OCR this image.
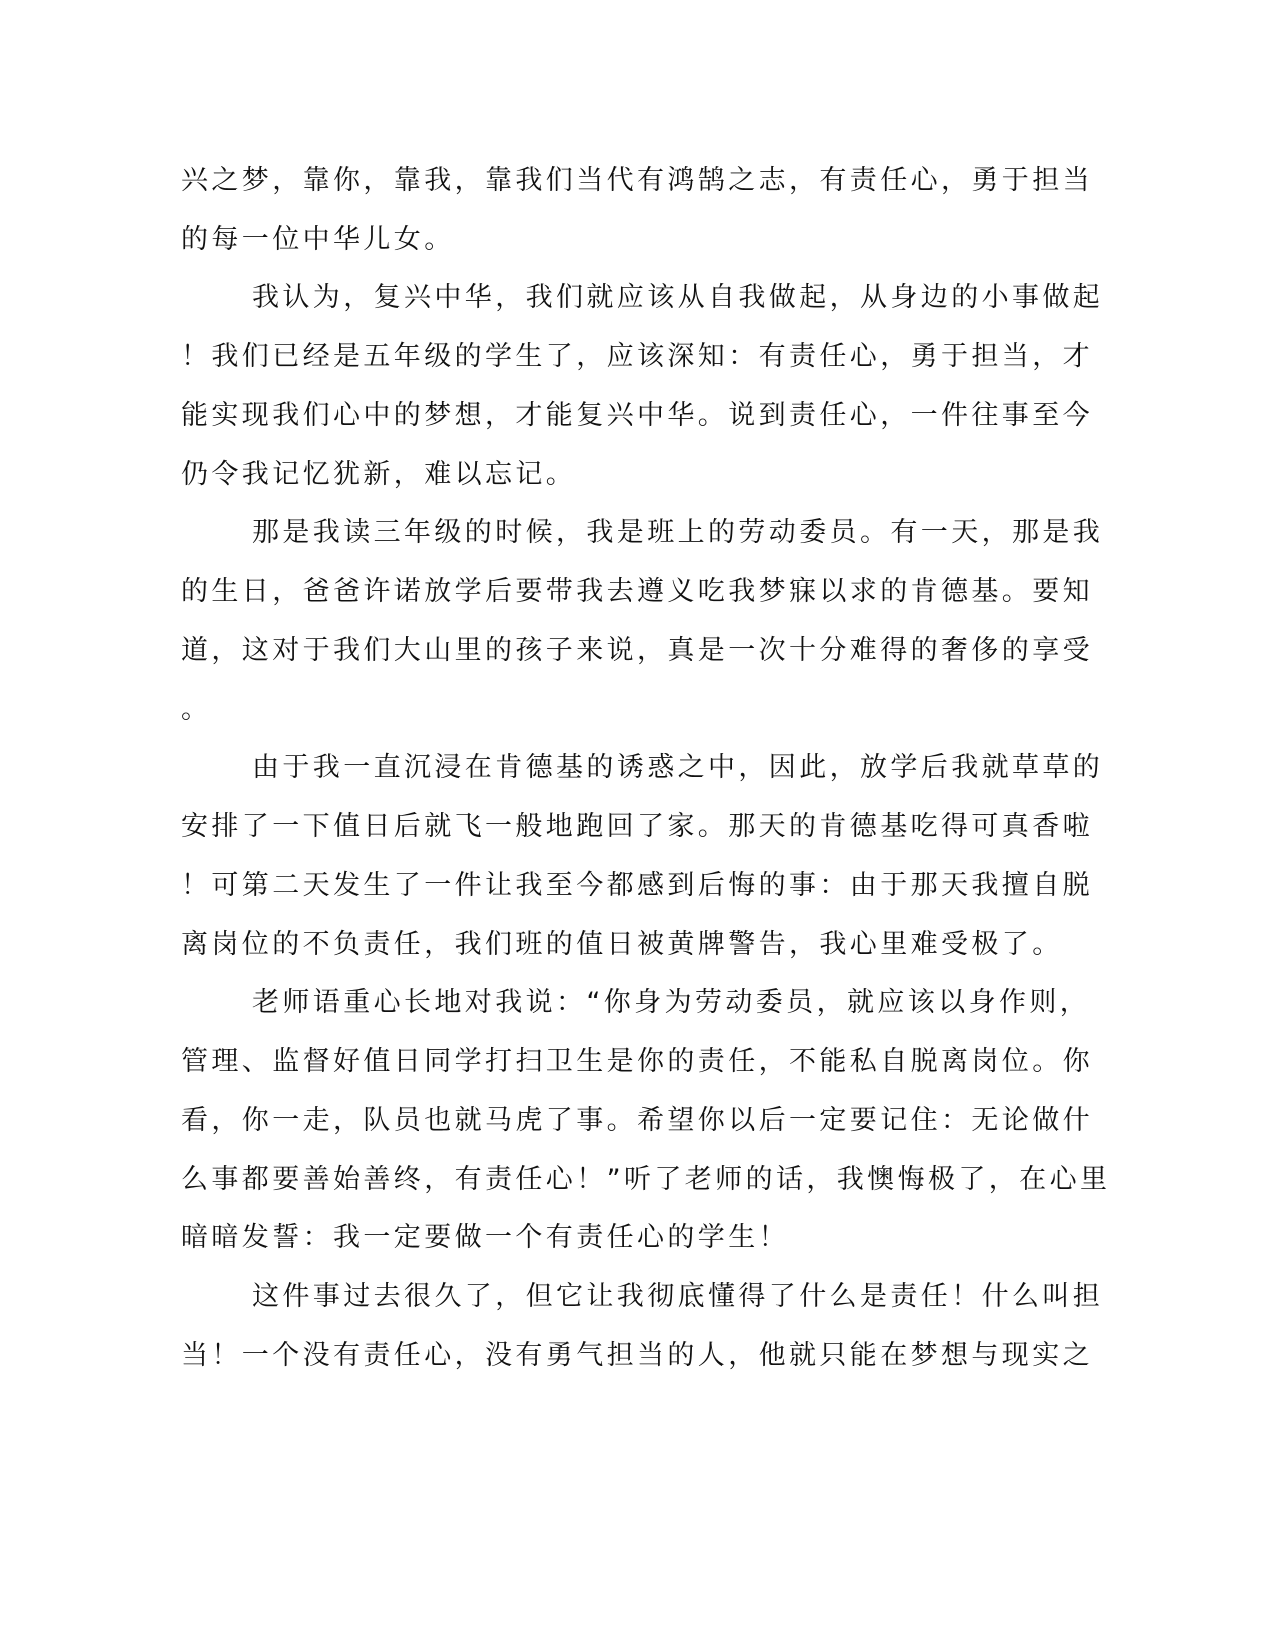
兴之梦，靠你，靠我，靠我们当代有鸿鹄之志，有责任心，勇于担当
的每一位中华儿女。
我认为，复兴中华，我们就应该从自我做起，从身边的小事做起
！我们已经是五年级的学生了，应该深知：有责任心，勇于担当，才
能实现我们心中的梦想，才能复兴中华。说到责任心，一件往事至今
仍令我记忆犹新，难以忘记。
那是我读三年级的时候，我是班上的劳动委员。有一天，那是我
的生日，爸爸许诺放学后要带我去遵义吃我梦寐以求的肯德基。要知
道，这对于我们大山里的孩子来说，真是一次十分难得的奢侈的享受
。
由于我一直沉浸在肯德基的诱惑之中，因此，放学后我就草草的
安排了一下值日后就飞一般地跑回了家。那天的肯德基吃得可真香啦
！可第二天发生了一件让我至今都感到后悔的事：由于那天我擅自脱
离岗位的不负责任，我们班的值日被黄牌警告，我心里难受极了。
老师语重心长地对我说：“你身为劳动委员，就应该以身作则，
管理、监督好值日同学打扫卫生是你的责任，不能私自脱离岗位。你
看，你一走，队员也就马虎了事。希望你以后一定要记住：无论做什
么事都要善始善终，有责任心！”听了老师的话，我懊悔极了，在心里
暗暗发誓：我一定要做一个有责任心的学生！
这件事过去很久了，但它让我彻底懂得了什么是责任！什么叫担
当！一个没有责任心，没有勇气担当的人，他就只能在梦想与现实之
